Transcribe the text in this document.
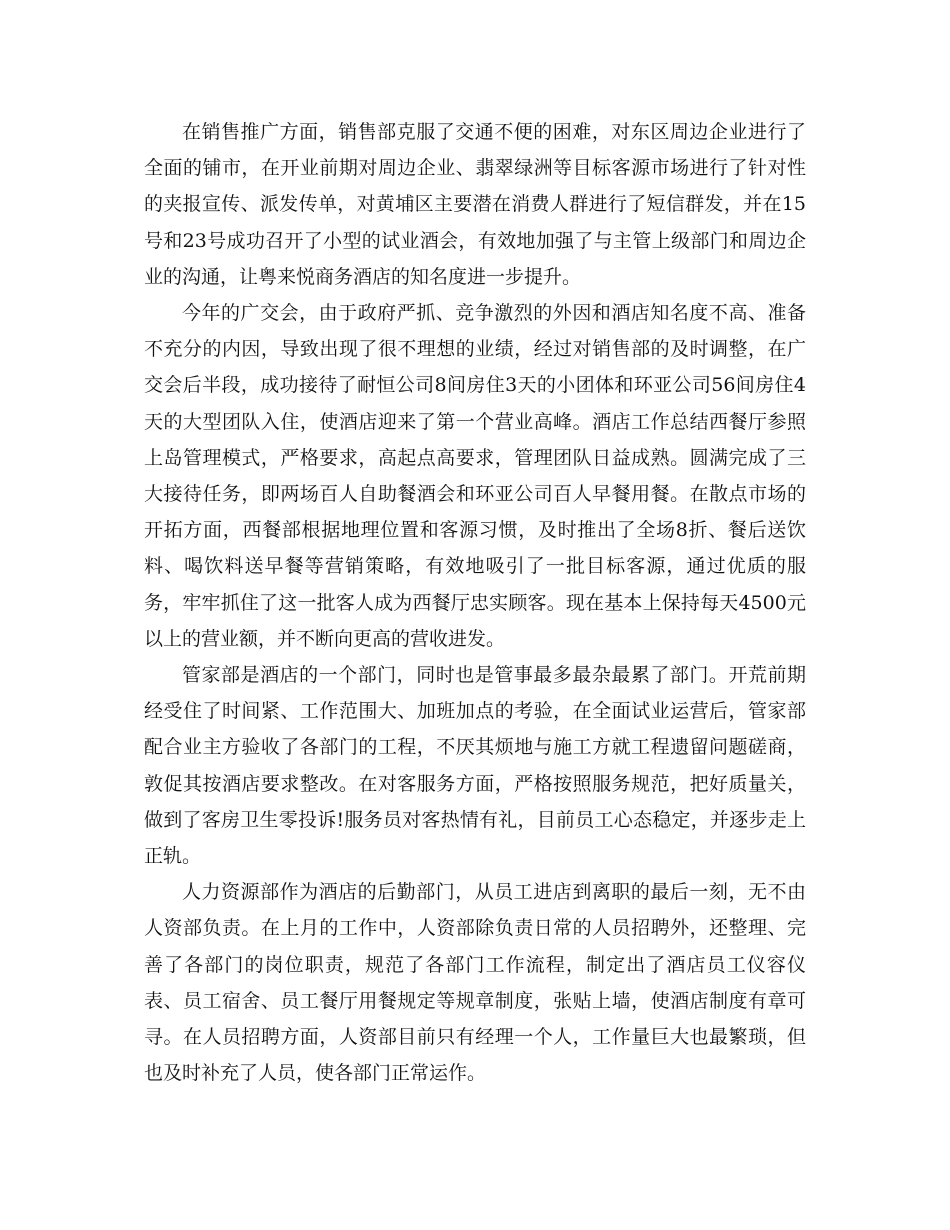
在销售推广方面，销售部克服了交通不便的困难，对东区周边企业进行了全面的铺市，在开业前期对周边企业、翡翠绿洲等目标客源市场进行了针对性的夹报宣传、派发传单，对黄埔区主要潜在消费人群进行了短信群发，并在15号和23号成功召开了小型的试业酒会，有效地加强了与主管上级部门和周边企业的沟通，让粤来悦商务酒店的知名度进一步提升。

今年的广交会，由于政府严抓、竞争激烈的外因和酒店知名度不高、准备不充分的内因，导致出现了很不理想的业绩，经过对销售部的及时调整，在广交会后半段，成功接待了耐恒公司8间房住3天的小团体和环亚公司56间房住4天的大型团队入住，使酒店迎来了第一个营业高峰。酒店工作总结西餐厅参照上岛管理模式，严格要求，高起点高要求，管理团队日益成熟。圆满完成了三大接待任务，即两场百人自助餐酒会和环亚公司百人早餐用餐。在散点市场的开拓方面，西餐部根据地理位置和客源习惯，及时推出了全场8折、餐后送饮料、喝饮料送早餐等营销策略，有效地吸引了一批目标客源，通过优质的服务，牢牢抓住了这一批客人成为西餐厅忠实顾客。现在基本上保持每天4500元以上的营业额，并不断向更高的营收进发。

管家部是酒店的一个部门，同时也是管事最多最杂最累了部门。开荒前期经受住了时间紧、工作范围大、加班加点的考验，在全面试业运营后，管家部配合业主方验收了各部门的工程，不厌其烦地与施工方就工程遗留问题磋商，敦促其按酒店要求整改。在对客服务方面，严格按照服务规范，把好质量关，做到了客房卫生零投诉!服务员对客热情有礼，目前员工心态稳定，并逐步走上正轨。

人力资源部作为酒店的后勤部门，从员工进店到离职的最后一刻，无不由人资部负责。在上月的工作中，人资部除负责日常的人员招聘外，还整理、完善了各部门的岗位职责，规范了各部门工作流程，制定出了酒店员工仪容仪表、员工宿舍、员工餐厅用餐规定等规章制度，张贴上墙，使酒店制度有章可寻。在人员招聘方面，人资部目前只有经理一个人，工作量巨大也最繁琐，但也及时补充了人员，使各部门正常运作。
